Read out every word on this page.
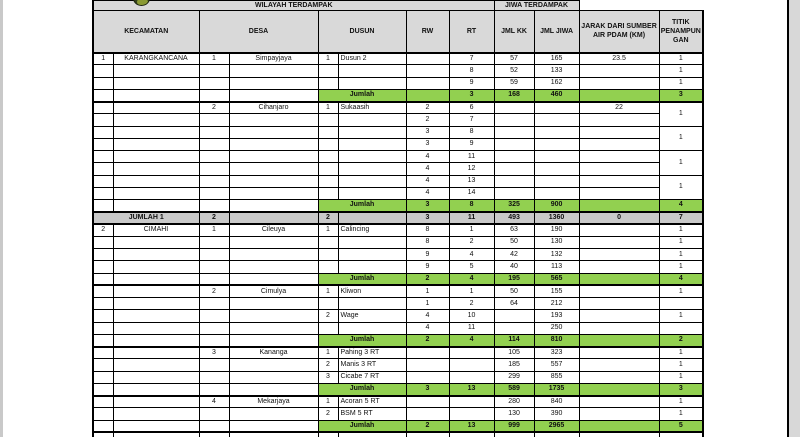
WILAYAH TERDAMPAK								JIWA TERDAMPAK			
KECAMATAN		DESA		DUSUN		RW	RT	JML KK	JML JIWA	JARAK DARI SUMBER AIR PDAM (KM)	TITIK PENAMPUNGAN
1	KARANGKANCANA	1	Simpayjaya	1	Dusun 2		7	57	165	23.5	1
							8	52	133		1
							9	59	162		1
				Jumlah			3	168	460		3
		2	Cihanjaro	1	Sukaasih	2	6			22	1
						2	7				
						3	8				1
						3	9				
						4	11				1
						4	12				
						4	13				1
						4	14				
				Jumlah		3	8	325	900		4
JUMLAH 1		2		2		3	11	493	1360	0	7
2	CIMAHI	1	Cileuya	1	Calincing	8	1	63	190		1
						8	2	50	130		1
						9	4	42	132		1
						9	5	40	113		1
				Jumlah		2	4	195	565		4
		2	Cimulya	1	Kliwon	1	1	50	155		1
						1	2	64	212		
				2	Wage	4	10		193		1
						4	11		250		
				Jumlah		2	4	114	810		2
		3	Kananga	1	Pahing 3 RT			105	323		1
				2	Manis 3 RT			185	557		1
				3	Cicabe 7 RT			299	855		1
				Jumlah		3	13	589	1735		3
		4	Mekarjaya	1	Acoran 5 RT			280	840		1
				2	BSM 5 RT			130	390		1
				Jumlah		2	13	999	2965		5
